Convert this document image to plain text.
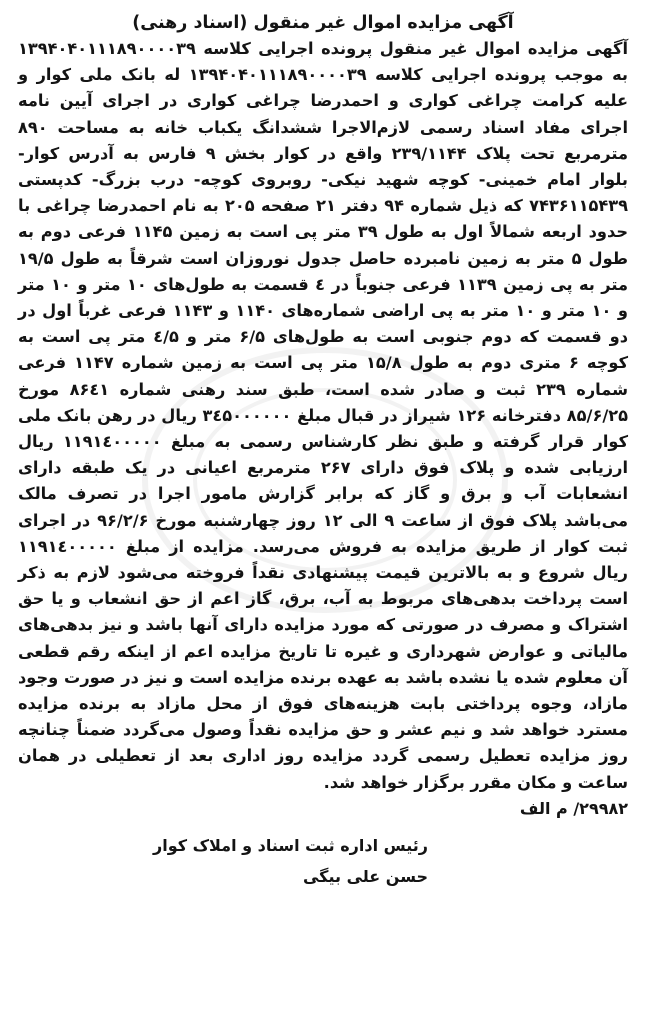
آگهی مزایده اموال غیر منقول (اسناد رهنی)

آگهی مزایده اموال غیر منقول پرونده اجرایی کلاسه ۱۳۹۴۰۴۰۱۱۱۸۹۰۰۰۰۳۹ به موجب پرونده اجرایی کلاسه ۱۳۹۴۰۴۰۱۱۱۸۹۰۰۰۰۳۹ له بانک ملی کوار و علیه کرامت چراغی کواری و احمدرضا چراغی کواری در اجرای آیین نامه اجرای مفاد اسناد رسمی لازم‌الاجرا ششدانگ یکباب خانه به مساحت ۸۹۰ مترمربع تحت پلاک ۲۳۹/۱۱۴۴ واقع در کوار بخش ۹ فارس به آدرس کوار- بلوار امام خمینی- کوچه شهید نیکی- روبروی کوچه- درب بزرگ- کدپستی ۷۴۳۶۱۱۵۴۳۹ که ذیل شماره ۹۴ دفتر ۲۱ صفحه ۲۰۵ به نام احمدرضا چراغی با حدود اربعه شمالاً اول به طول ۳۹ متر پی است به زمین ۱۱۴۵ فرعی دوم به طول ۵ متر به زمین نامبرده حاصل جدول نوروزان است شرقاً به طول ۱۹/۵ متر به پی زمین ۱۱۳۹ فرعی جنوباً در ٤ قسمت به طول‌های ۱۰ متر و ۱۰ متر و ۱۰ متر و ۱۰ متر به پی اراضی شماره‌های ۱۱۴۰ و ۱۱۴۳ فرعی غرباً اول در دو قسمت که دوم جنوبی است به طول‌های ۶/۵ متر و ٤/۵ متر پی است به کوچه ۶ متری دوم به طول ۱۵/۸ متر پی است به زمین شماره ۱۱۴۷ فرعی شماره ۲۳۹ ثبت و صادر شده است، طبق سند رهنی شماره ۸۶٤۱ مورخ ۸۵/۶/۲۵ دفترخانه ۱۲۶ شیراز در قبال مبلغ ۳٤۵۰۰۰۰۰۰ ریال در رهن بانک ملی کوار قرار گرفته و طبق نظر کارشناس رسمی به مبلغ ۱۱۹۱٤۰۰۰۰۰ ریال ارزیابی شده و پلاک فوق دارای ۲۶۷ مترمربع اعیانی در یک طبقه دارای انشعابات آب و برق و گاز که برابر گزارش مامور اجرا در تصرف مالک می‌باشد پلاک فوق از ساعت ۹ الی ۱۲ روز چهارشنبه مورخ ۹۶/۲/۶ در اجرای ثبت کوار از طریق مزایده به فروش می‌رسد. مزایده از مبلغ ۱۱۹۱٤۰۰۰۰۰ ریال شروع و به بالاترین قیمت پیشنهادی نقداً فروخته می‌شود لازم به ذکر است پرداخت بدهی‌های مربوط به آب، برق، گاز اعم از حق انشعاب و یا حق اشتراک و مصرف در صورتی که مورد مزایده دارای آنها باشد و نیز بدهی‌های مالیاتی و عوارض شهرداری و غیره تا تاریخ مزایده اعم از اینکه رقم قطعی آن معلوم شده یا نشده باشد به عهده برنده مزایده است و نیز در صورت وجود مازاد، وجوه پرداختی بابت هزینه‌های فوق از محل مازاد به برنده مزایده مسترد خواهد شد و نیم عشر و حق مزایده نقداً وصول می‌گردد ضمناً چنانچه روز مزایده تعطیل رسمی گردد مزایده روز اداری بعد از تعطیلی در همان ساعت و مکان مقرر برگزار خواهد شد.

۲۹۹۸۲/ م الف

رئیس اداره ثبت اسناد و املاک کوار
حسن علی بیگی
